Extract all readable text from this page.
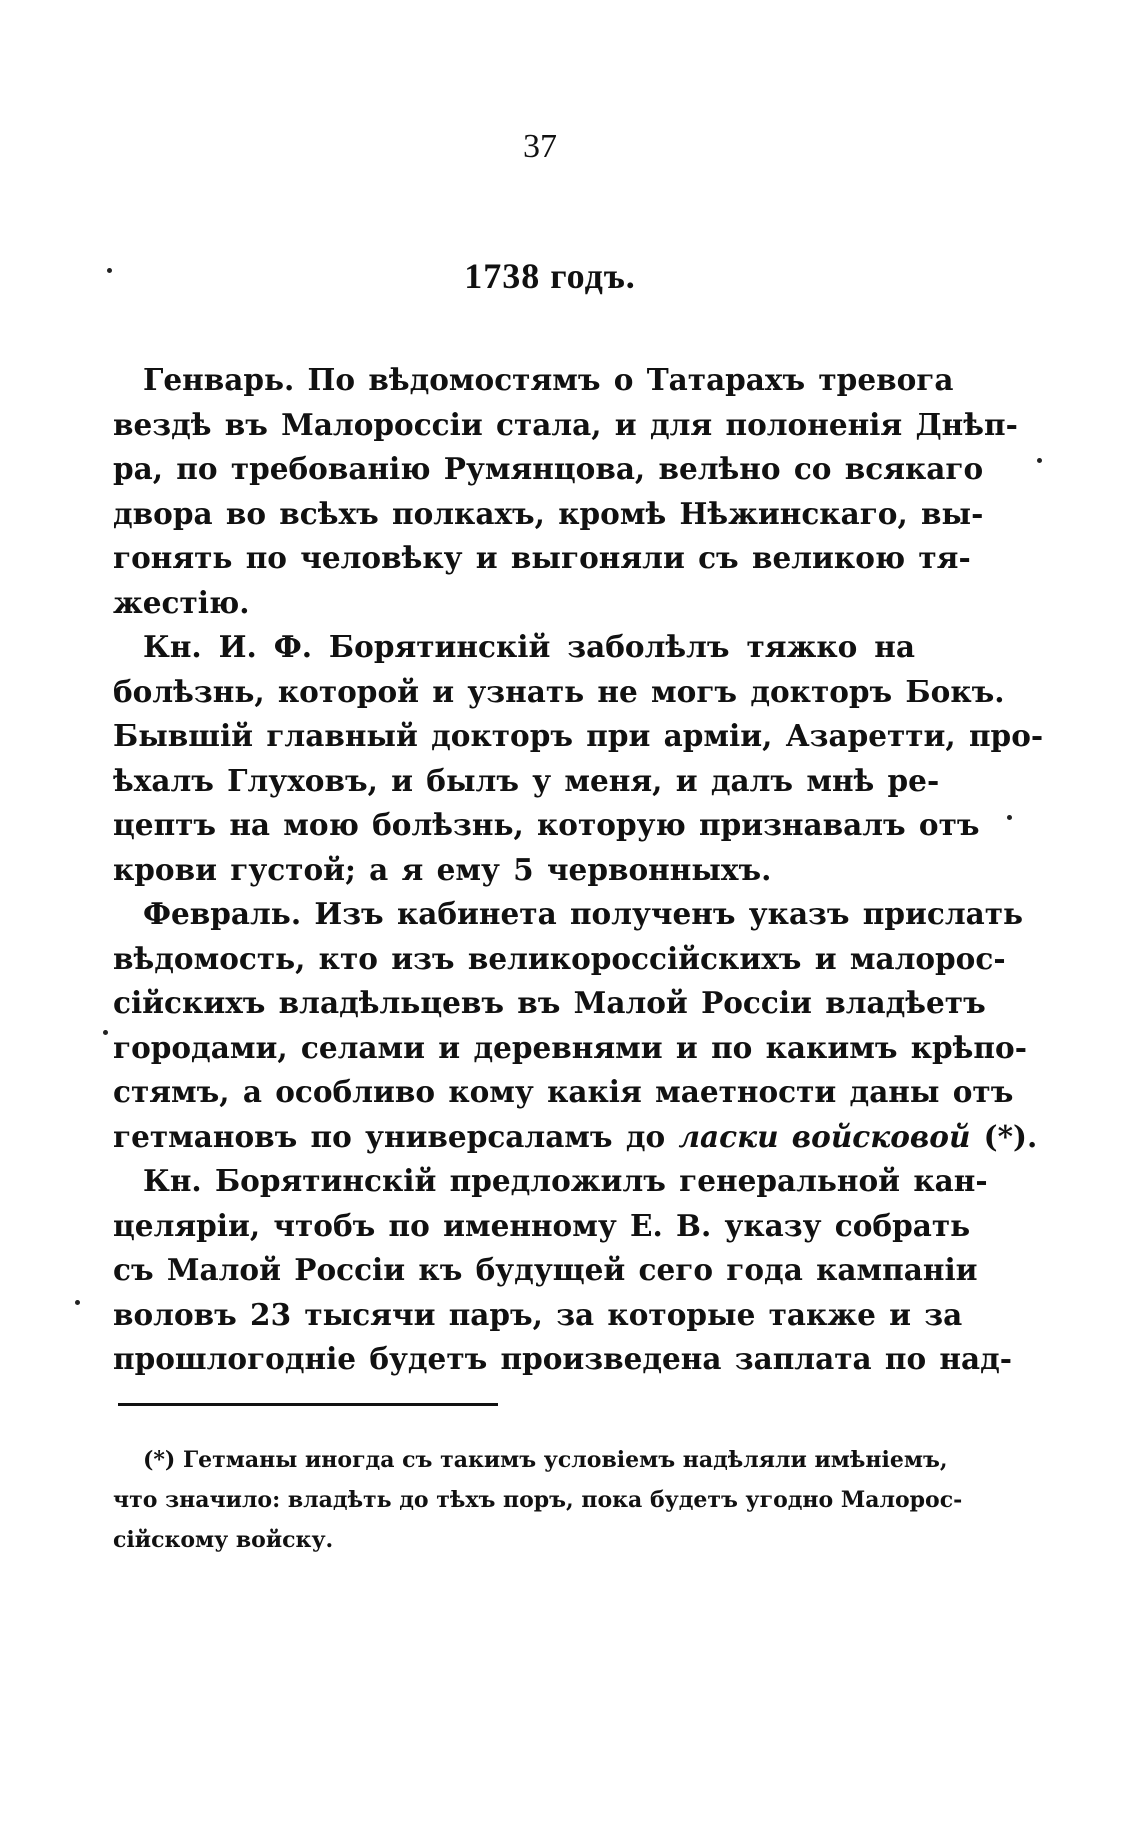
37
1738 годъ.
Генварь. По вѣдомостямъ о Татарахъ тревога
вездѣ въ Малороссіи стала, и для полоненія Днѣп-
ра, по требованію Румянцова, велѣно со всякаго
двора во всѣхъ полкахъ, кромѣ Нѣжинскаго, вы-
гонять по человѣку и выгоняли съ великою тя-
жестію.
Кн. И. Ф. Борятинскій заболѣлъ тяжко на
болѣзнь, которой и узнать не могъ докторъ Бокъ.
Бывшій главный докторъ при арміи, Азаретти, про-
ѣхалъ Глуховъ, и былъ у меня, и далъ мнѣ ре-
цептъ на мою болѣзнь, которую признавалъ отъ
крови густой; а я ему 5 червонныхъ.
Февраль. Изъ кабинета полученъ указъ прислать
вѣдомость, кто изъ великороссійскихъ и малорос-
сійскихъ владѣльцевъ въ Малой Россіи владѣетъ
городами, селами и деревнями и по какимъ крѣпо-
стямъ, а особливо кому какія маетности даны отъ
гетмановъ по универсаламъ до ласки войсковой (*).
Кн. Борятинскій предложилъ генеральной кан-
целяріи, чтобъ по именному Е. В. указу собрать
съ Малой Россіи къ будущей сего года кампаніи
воловъ 23 тысячи паръ, за которые также и за
прошлогодніе будетъ произведена заплата по над-
(*) Гетманы иногда съ такимъ условіемъ надѣляли имѣніемъ,
что значило: владѣть до тѣхъ поръ, пока будетъ угодно Малорос-
сійскому войску.
